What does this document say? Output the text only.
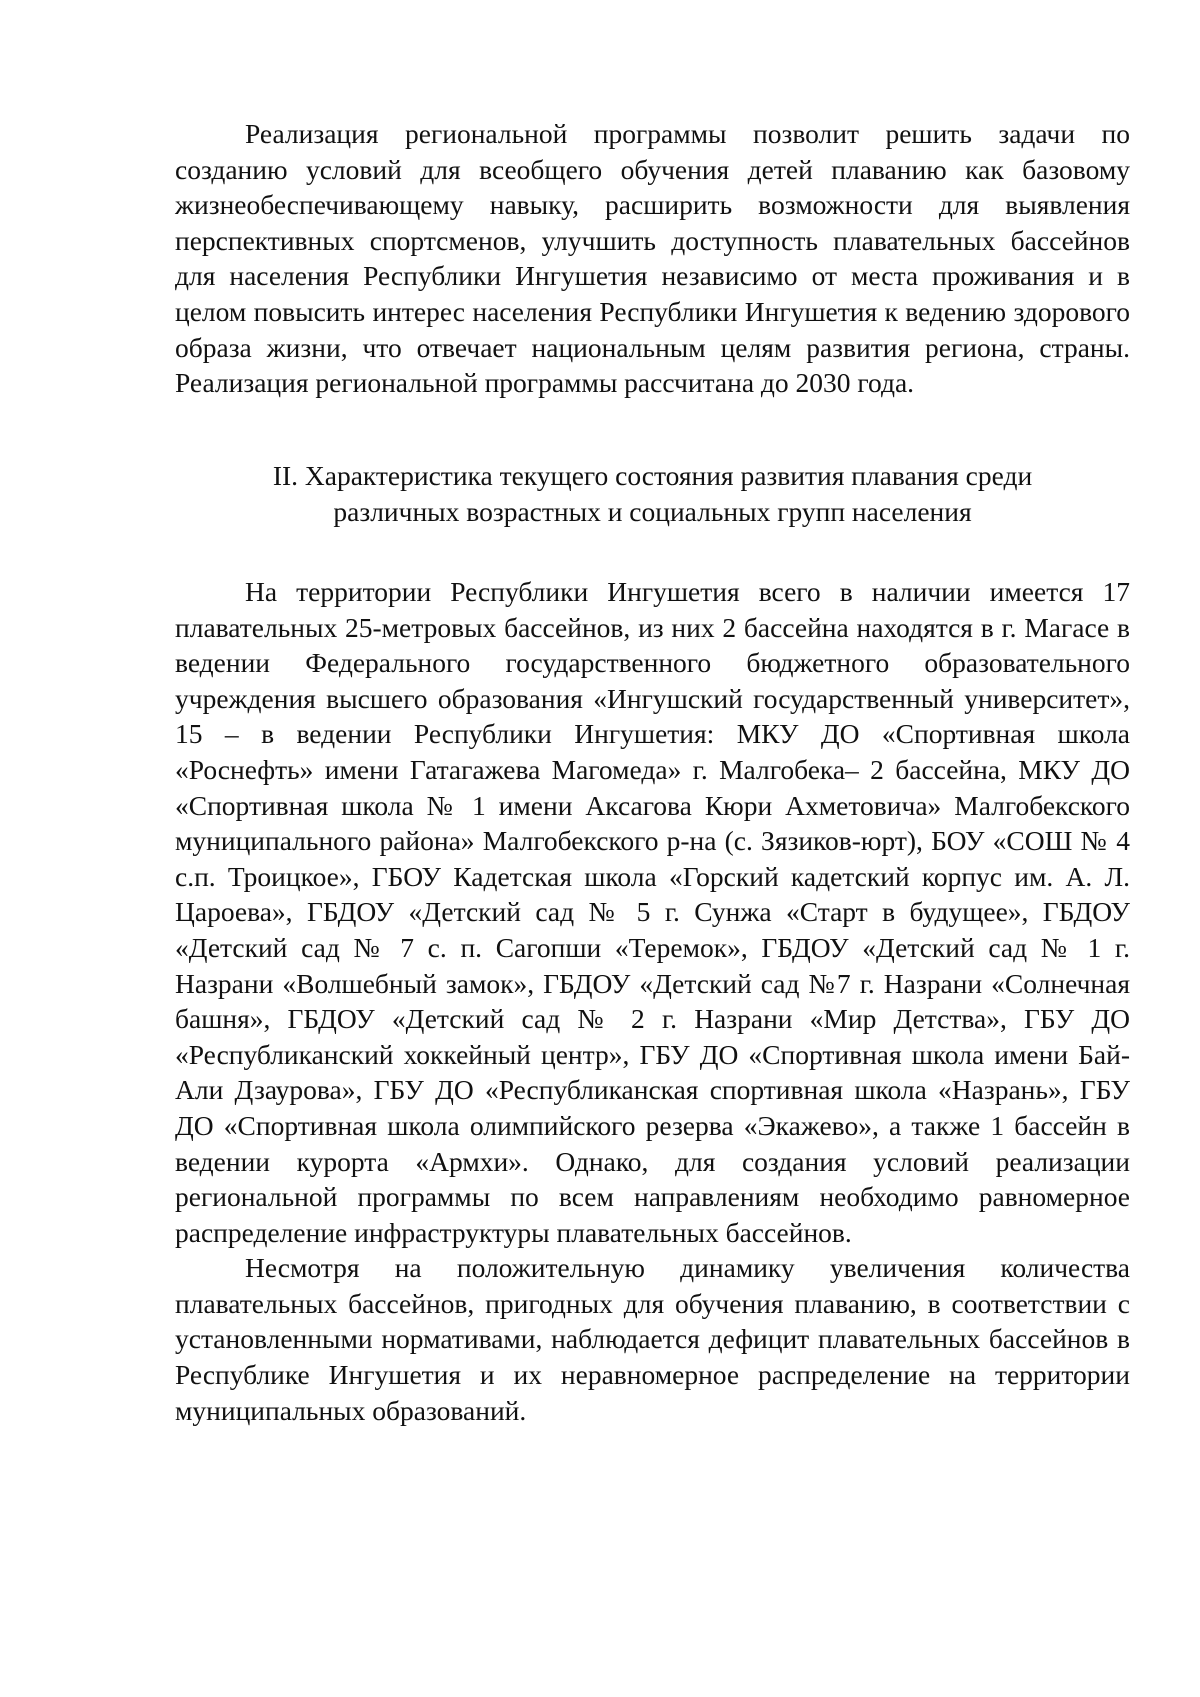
Реализация региональной программы позволит решить задачи по созданию условий для всеобщего обучения детей плаванию как базовому жизнеобеспечивающему навыку, расширить возможности для выявления перспективных спортсменов, улучшить доступность плавательных бассейнов для населения Республики Ингушетия независимо от места проживания и в целом повысить интерес населения Республики Ингушетия к ведению здорового образа жизни, что отвечает национальным целям развития региона, страны. Реализация региональной программы рассчитана до 2030 года.

II. Характеристика текущего состояния развития плавания среди
различных возрастных и социальных групп населения

На территории Республики Ингушетия всего в наличии имеется 17 плавательных 25-метровых бассейнов, из них 2 бассейна находятся в г. Магасе в ведении Федерального государственного бюджетного образовательного учреждения высшего образования «Ингушский государственный университет», 15 – в ведении Республики Ингушетия: МКУ ДО «Спортивная школа «Роснефть» имени Гатагажева Магомеда» г. Малгобека– 2 бассейна, МКУ ДО «Спортивная школа № 1 имени Аксагова Кюри Ахметовича» Малгобекского муниципального района» Малгобекского р-на (с. Зязиков-юрт), БОУ «СОШ № 4 с.п. Троицкое», ГБОУ Кадетская школа «Горский кадетский корпус им. А. Л. Цароева», ГБДОУ «Детский сад № 5 г. Сунжа «Старт в будущее», ГБДОУ «Детский сад № 7 с. п. Сагопши «Теремок», ГБДОУ «Детский сад № 1 г. Назрани «Волшебный замок», ГБДОУ «Детский сад №7 г. Назрани «Солнечная башня», ГБДОУ «Детский сад № 2 г. Назрани «Мир Детства», ГБУ ДО «Республиканский хоккейный центр», ГБУ ДО «Спортивная школа имени Бай-Али Дзаурова», ГБУ ДО «Республиканская спортивная школа «Назрань», ГБУ ДО «Спортивная школа олимпийского резерва «Экажево», а также 1 бассейн в ведении курорта «Армхи». Однако, для создания условий реализации региональной программы по всем направлениям необходимо равномерное распределение инфраструктуры плавательных бассейнов.

Несмотря на положительную динамику увеличения количества плавательных бассейнов, пригодных для обучения плаванию, в соответствии с установленными нормативами, наблюдается дефицит плавательных бассейнов в Республике Ингушетия и их неравномерное распределение на территории муниципальных образований.
